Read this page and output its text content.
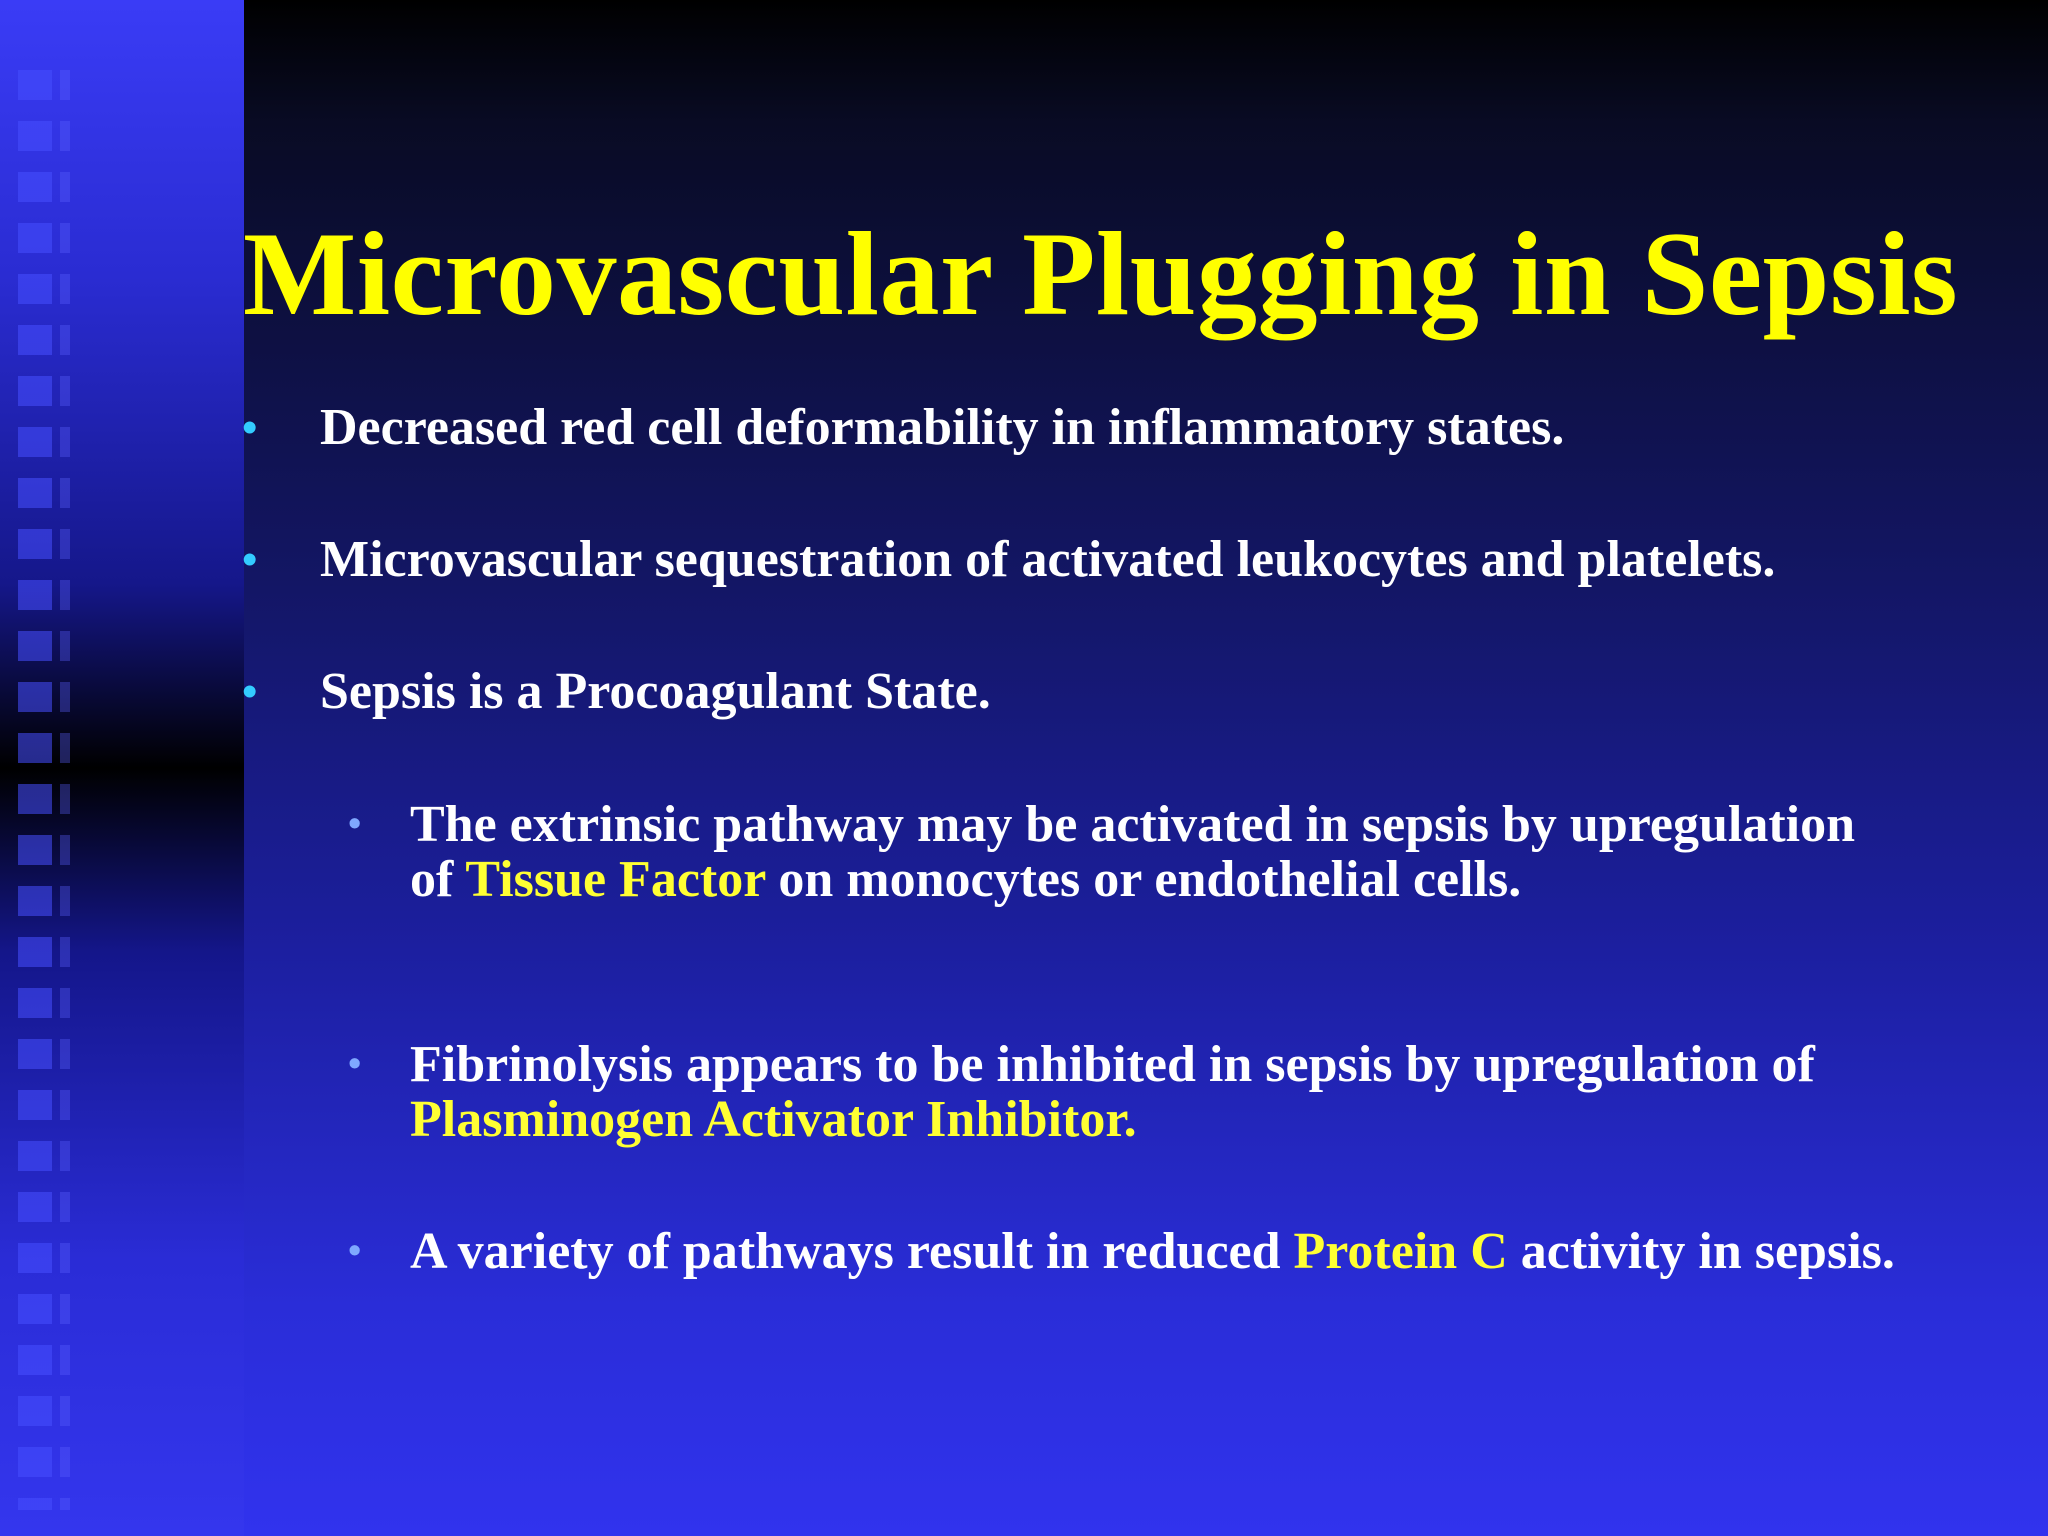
Microvascular Plugging in Sepsis
• Decreased red cell deformability in inflammatory states.
• Microvascular sequestration of activated leukocytes and platelets.
• Sepsis is a Procoagulant State.
• The extrinsic pathway may be activated in sepsis by upregulation of Tissue Factor on monocytes or endothelial cells.
• Fibrinolysis appears to be inhibited in sepsis by upregulation of Plasminogen Activator Inhibitor.
• A variety of pathways result in reduced Protein C activity in sepsis.
